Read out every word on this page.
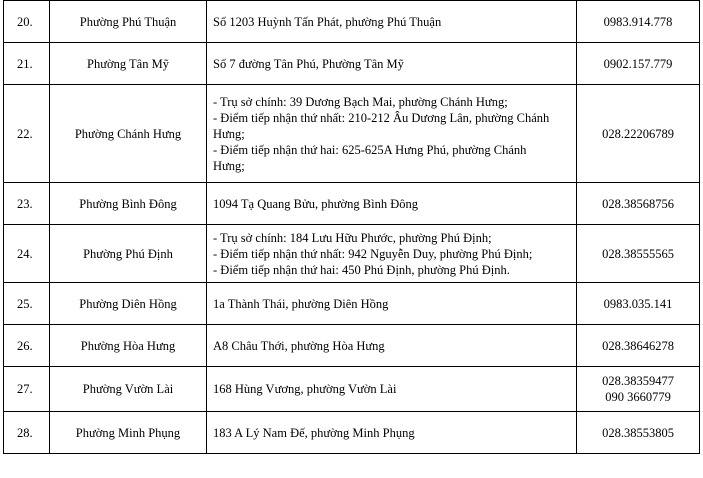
20.	Phường Phú Thuận	Số 1203 Huỳnh Tấn Phát, phường Phú Thuận	0983.914.778

21.	Phường Tân Mỹ	Số 7 đường Tân Phú, Phường Tân Mỹ	0902.157.779

22.	Phường Chánh Hưng	- Trụ sở chính: 39 Dương Bạch Mai, phường Chánh Hưng;
- Điểm tiếp nhận thứ nhất: 210-212 Âu Dương Lân, phường Chánh
Hưng;
- Điểm tiếp nhận thứ hai: 625-625A Hưng Phú, phường Chánh
Hưng;	028.22206789

23.	Phường Bình Đông	1094 Tạ Quang Bửu, phường Bình Đông	028.38568756

24.	Phường Phú Định	- Trụ sở chính: 184 Lưu Hữu Phước, phường Phú Định;
- Điểm tiếp nhận thứ nhất: 942 Nguyễn Duy, phường Phú Định;
- Điểm tiếp nhận thứ hai: 450 Phú Định, phường Phú Định.	028.38555565

25.	Phường Diên Hồng	1a Thành Thái, phường Diên Hồng	0983.035.141

26.	Phường Hòa Hưng	A8 Châu Thới, phường Hòa Hưng	028.38646278

27.	Phường Vườn Lài	168 Hùng Vương, phường Vườn Lài	028.38359477
090 3660779

28.	Phường Minh Phụng	183 A Lý Nam Đế, phường Minh Phụng	028.38553805
